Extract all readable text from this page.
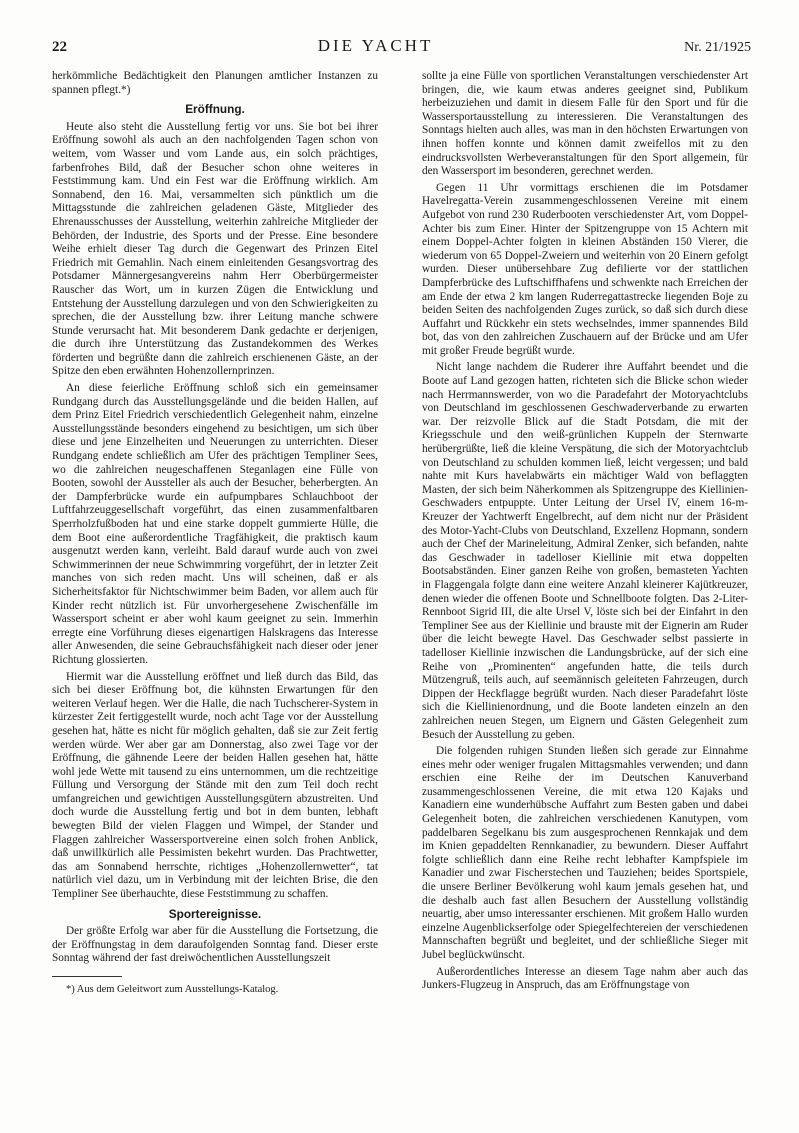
22	DIE YACHT	Nr. 21/1925

herkömmliche Bedächtigkeit den Planungen amtlicher Instanzen zu spannen pflegt.*)

Eröffnung.

Heute also steht die Ausstellung fertig vor uns. Sie bot bei ihrer Eröffnung sowohl als auch an den nachfolgenden Tagen schon von weitem, vom Wasser und vom Lande aus, ein solch prächtiges, farbenfrohes Bild, daß der Besucher schon ohne weiteres in Feststimmung kam. Und ein Fest war die Eröffnung wirklich. Am Sonnabend, den 16. Mai, versammelten sich pünktlich um die Mittagsstunde die zahlreichen geladenen Gäste, Mitglieder des Ehrenausschusses der Ausstellung, weiterhin zahlreiche Mitglieder der Behörden, der Industrie, des Sports und der Presse. Eine besondere Weihe erhielt dieser Tag durch die Gegenwart des Prinzen Eitel Friedrich mit Gemahlin. Nach einem einleitenden Gesangsvortrag des Potsdamer Männergesangvereins nahm Herr Oberbürgermeister Rauscher das Wort, um in kurzen Zügen die Entwicklung und Entstehung der Ausstellung darzulegen und von den Schwierigkeiten zu sprechen, die der Ausstellung bzw. ihrer Leitung manche schwere Stunde verursacht hat. Mit besonderem Dank gedachte er derjenigen, die durch ihre Unterstützung das Zustandekommen des Werkes förderten und begrüßte dann die zahlreich erschienenen Gäste, an der Spitze den eben erwähnten Hohenzollernprinzen.

An diese feierliche Eröffnung schloß sich ein gemeinsamer Rundgang durch das Ausstellungsgelände und die beiden Hallen, auf dem Prinz Eitel Friedrich verschiedentlich Gelegenheit nahm, einzelne Ausstellungsstände besonders eingehend zu besichtigen, um sich über diese und jene Einzelheiten und Neuerungen zu unterrichten. Dieser Rundgang endete schließlich am Ufer des prächtigen Templiner Sees, wo die zahlreichen neugeschaffenen Steganlagen eine Fülle von Booten, sowohl der Aussteller als auch der Besucher, beherbergten. An der Dampferbrücke wurde ein aufpumpbares Schlauchboot der Luftfahrzeuggesellschaft vorgeführt, das einen zusammenfaltbaren Sperrholzfußboden hat und eine starke doppelt gummierte Hülle, die dem Boot eine außerordentliche Tragfähigkeit, die praktisch kaum ausgenutzt werden kann, verleiht. Bald darauf wurde auch von zwei Schwimmerinnen der neue Schwimmring vorgeführt, der in letzter Zeit manches von sich reden macht. Uns will scheinen, daß er als Sicherheitsfaktor für Nichtschwimmer beim Baden, vor allem auch für Kinder recht nützlich ist. Für unvorhergesehene Zwischenfälle im Wassersport scheint er aber wohl kaum geeignet zu sein. Immerhin erregte eine Vorführung dieses eigenartigen Halskragens das Interesse aller Anwesenden, die seine Gebrauchsfähigkeit nach dieser oder jener Richtung glossierten.

Hiermit war die Ausstellung eröffnet und ließ durch das Bild, das sich bei dieser Eröffnung bot, die kühnsten Erwartungen für den weiteren Verlauf hegen. Wer die Halle, die nach Tuchscherer-System in kürzester Zeit fertiggestellt wurde, noch acht Tage vor der Ausstellung gesehen hat, hätte es nicht für möglich gehalten, daß sie zur Zeit fertig werden würde. Wer aber gar am Donnerstag, also zwei Tage vor der Eröffnung, die gähnende Leere der beiden Hallen gesehen hat, hätte wohl jede Wette mit tausend zu eins unternommen, um die rechtzeitige Füllung und Versorgung der Stände mit den zum Teil doch recht umfangreichen und gewichtigen Ausstellungsgütern abzustreiten. Und doch wurde die Ausstellung fertig und bot in dem bunten, lebhaft bewegten Bild der vielen Flaggen und Wimpel, der Stander und Flaggen zahlreicher Wassersportvereine einen solch frohen Anblick, daß unwillkürlich alle Pessimisten bekehrt wurden. Das Prachtwetter, das am Sonnabend herrschte, richtiges „Hohenzollernwetter“, tat natürlich viel dazu, um in Verbindung mit der leichten Brise, die den Templiner See überhauchte, diese Feststimmung zu schaffen.

Sportereignisse.

Der größte Erfolg war aber für die Ausstellung die Fortsetzung, die der Eröffnungstag in dem daraufolgenden Sonntag fand. Dieser erste Sonntag während der fast dreiwöchentlichen Ausstellungszeit

*) Aus dem Geleitwort zum Ausstellungs-Katalog.

sollte ja eine Fülle von sportlichen Veranstaltungen verschiedenster Art bringen, die, wie kaum etwas anderes geeignet sind, Publikum herbeizuziehen und damit in diesem Falle für den Sport und für die Wassersportausstellung zu interessieren. Die Veranstaltungen des Sonntags hielten auch alles, was man in den höchsten Erwartungen von ihnen hoffen konnte und können damit zweifellos mit zu den eindrucksvollsten Werbeveranstaltungen für den Sport allgemein, für den Wassersport im besonderen, gerechnet werden.

Gegen 11 Uhr vormittags erschienen die im Potsdamer Havelregatta-Verein zusammengeschlossenen Vereine mit einem Aufgebot von rund 230 Ruderbooten verschiedenster Art, vom Doppel-Achter bis zum Einer. Hinter der Spitzengruppe von 15 Achtern mit einem Doppel-Achter folgten in kleinen Abständen 150 Vierer, die wiederum von 65 Doppel-Zweiern und weiterhin von 20 Einern gefolgt wurden. Dieser unübersehbare Zug defilierte vor der stattlichen Dampferbrücke des Luftschiffhafens und schwenkte nach Erreichen der am Ende der etwa 2 km langen Ruderregattastrecke liegenden Boje zu beiden Seiten des nachfolgenden Zuges zurück, so daß sich durch diese Auffahrt und Rückkehr ein stets wechselndes, immer spannendes Bild bot, das von den zahlreichen Zuschauern auf der Brücke und am Ufer mit großer Freude begrüßt wurde.

Nicht lange nachdem die Ruderer ihre Auffahrt beendet und die Boote auf Land gezogen hatten, richteten sich die Blicke schon wieder nach Herrmannswerder, von wo die Paradefahrt der Motoryachtclubs von Deutschland im geschlossenen Geschwaderverbande zu erwarten war. Der reizvolle Blick auf die Stadt Potsdam, die mit der Kriegsschule und den weiß-grünlichen Kuppeln der Sternwarte herübergrüßte, ließ die kleine Verspätung, die sich der Motoryachtclub von Deutschland zu schulden kommen ließ, leicht vergessen; und bald nahte mit Kurs havelabwärts ein mächtiger Wald von beflaggten Masten, der sich beim Näherkommen als Spitzengruppe des Kiellinien-Geschwaders entpuppte. Unter Leitung der Ursel IV, einem 16-m-Kreuzer der Yachtwerft Engelbrecht, auf dem nicht nur der Präsident des Motor-Yacht-Clubs von Deutschland, Exzellenz Hopmann, sondern auch der Chef der Marineleitung, Admiral Zenker, sich befanden, nahte das Geschwader in tadelloser Kiellinie mit etwa doppelten Bootsabständen. Einer ganzen Reihe von großen, bemasteten Yachten in Flaggengala folgte dann eine weitere Anzahl kleinerer Kajütkreuzer, denen wieder die offenen Boote und Schnellboote folgten. Das 2-Liter-Rennboot Sigrid III, die alte Ursel V, löste sich bei der Einfahrt in den Templiner See aus der Kiellinie und brauste mit der Eignerin am Ruder über die leicht bewegte Havel. Das Geschwader selbst passierte in tadelloser Kiellinie inzwischen die Landungsbrücke, auf der sich eine Reihe von „Prominenten“ angefunden hatte, die teils durch Mützengruß, teils auch, auf seemännisch geleiteten Fahrzeugen, durch Dippen der Heckflagge begrüßt wurden. Nach dieser Paradefahrt löste sich die Kiellinienordnung, und die Boote landeten einzeln an den zahlreichen neuen Stegen, um Eignern und Gästen Gelegenheit zum Besuch der Ausstellung zu geben.

Die folgenden ruhigen Stunden ließen sich gerade zur Einnahme eines mehr oder weniger frugalen Mittagsmahles verwenden; und dann erschien eine Reihe der im Deutschen Kanuverband zusammengeschlossenen Vereine, die mit etwa 120 Kajaks und Kanadiern eine wunderhübsche Auffahrt zum Besten gaben und dabei Gelegenheit boten, die zahlreichen verschiedenen Kanutypen, vom paddelbaren Segelkanu bis zum ausgesprochenen Rennkajak und dem im Knien gepaddelten Rennkanadier, zu bewundern. Dieser Auffahrt folgte schließlich dann eine Reihe recht lebhafter Kampfspiele im Kanadier und zwar Fischerstechen und Tauziehen; beides Sportspiele, die unsere Berliner Bevölkerung wohl kaum jemals gesehen hat, und die deshalb auch fast allen Besuchern der Ausstellung vollständig neuartig, aber umso interessanter erschienen. Mit großem Hallo wurden einzelne Augenblickserfolge oder Spiegelfechtereien der verschiedenen Mannschaften begrüßt und begleitet, und der schließliche Sieger mit Jubel beglückwünscht.

Außerordentliches Interesse an diesem Tage nahm aber auch das Junkers-Flugzeug in Anspruch, das am Eröffnungstage von
